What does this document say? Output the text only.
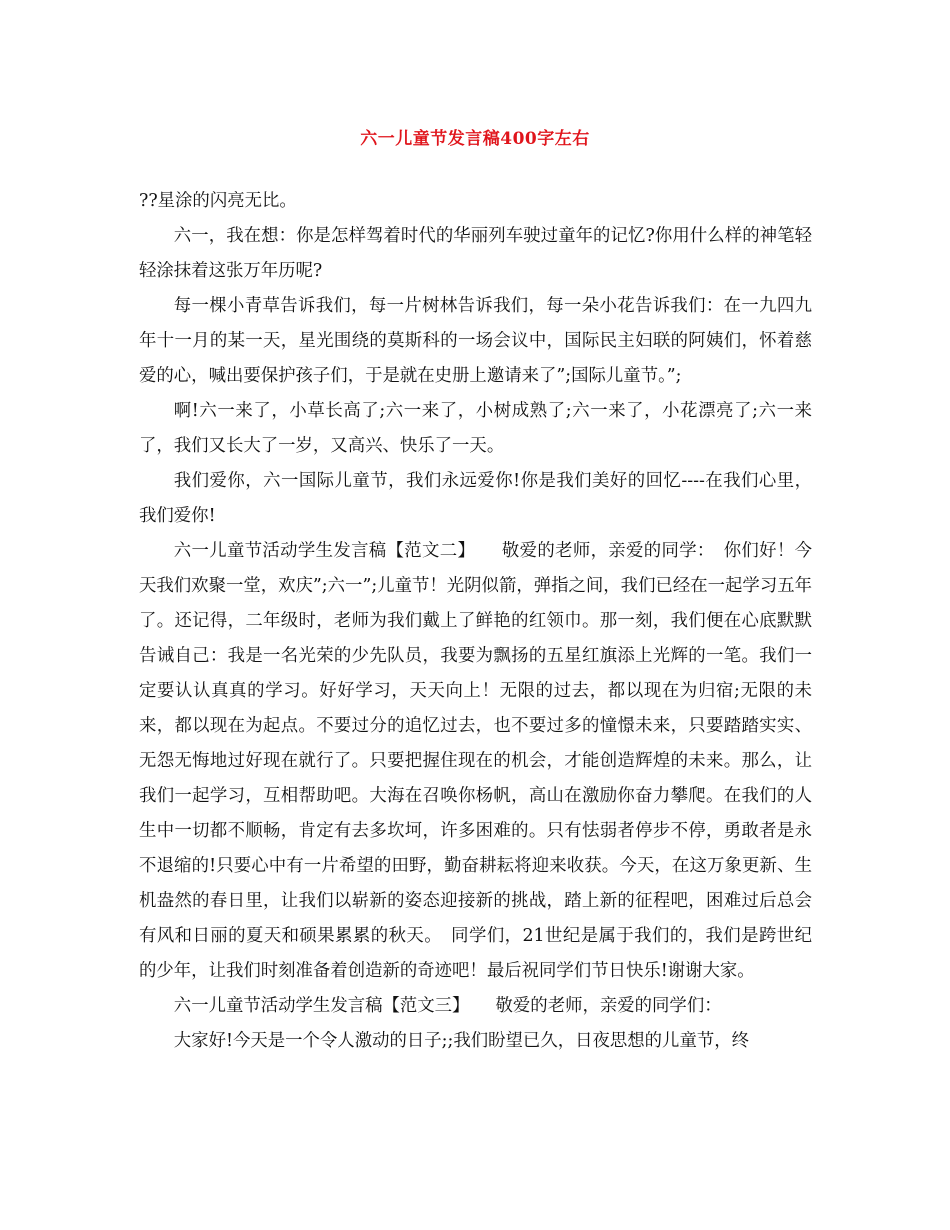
六一儿童节发言稿400字左右

??星涂的闪亮无比。

六一，我在想：你是怎样驾着时代的华丽列车驶过童年的记忆?你用什么样的神笔轻轻涂抹着这张万年历呢?

每一棵小青草告诉我们，每一片树林告诉我们，每一朵小花告诉我们：在一九四九年十一月的某一天，星光围绕的莫斯科的一场会议中，国际民主妇联的阿姨们，怀着慈爱的心，喊出要保护孩子们，于是就在史册上邀请来了”;国际儿童节。”;

啊!六一来了，小草长高了;六一来了，小树成熟了;六一来了，小花漂亮了;六一来了，我们又长大了一岁，又高兴、快乐了一天。

我们爱你，六一国际儿童节，我们永远爱你!你是我们美好的回忆----在我们心里，我们爱你!

六一儿童节活动学生发言稿【范文二】　　敬爱的老师，亲爱的同学：　你们好！今天我们欢聚一堂，欢庆”;六一”;儿童节！光阴似箭，弹指之间，我们已经在一起学习五年了。还记得，二年级时，老师为我们戴上了鲜艳的红领巾。那一刻，我们便在心底默默告诫自己：我是一名光荣的少先队员，我要为飘扬的五星红旗添上光辉的一笔。我们一定要认认真真的学习。好好学习，天天向上！无限的过去，都以现在为归宿;无限的未来，都以现在为起点。不要过分的追忆过去，也不要过多的憧憬未来，只要踏踏实实、无怨无悔地过好现在就行了。只要把握住现在的机会，才能创造辉煌的未来。那么，让我们一起学习，互相帮助吧。大海在召唤你杨帆，高山在激励你奋力攀爬。在我们的人生中一切都不顺畅，肯定有去多坎坷，许多困难的。只有怯弱者停步不停，勇敢者是永不退缩的!只要心中有一片希望的田野，勤奋耕耘将迎来收获。今天，在这万象更新、生机盎然的春日里，让我们以崭新的姿态迎接新的挑战，踏上新的征程吧，困难过后总会有风和日丽的夏天和硕果累累的秋天。　同学们，21世纪是属于我们的，我们是跨世纪的少年，让我们时刻准备着创造新的奇迹吧！最后祝同学们节日快乐!谢谢大家。

六一儿童节活动学生发言稿【范文三】　　敬爱的老师，亲爱的同学们：

大家好!今天是一个令人激动的日子;;我们盼望已久，日夜思想的儿童节，终
